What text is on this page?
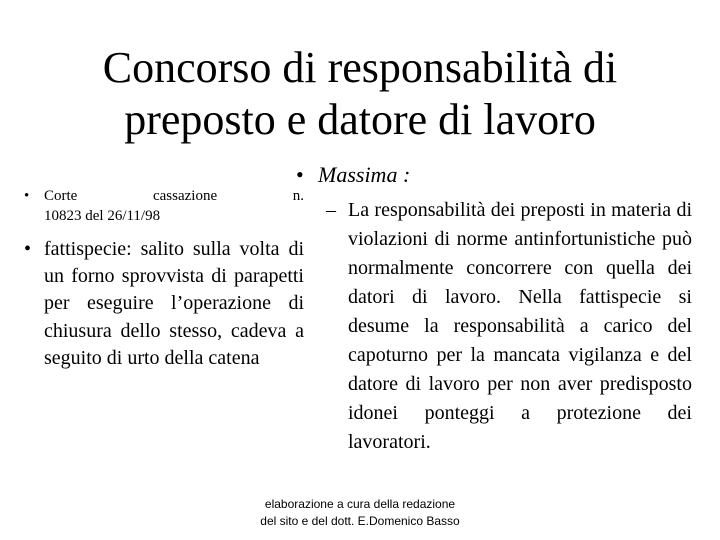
Concorso di responsabilità di
preposto e datore di lavoro
• Corte cassazione n.
10823 del 26/11/98
• fattispecie: salito sulla volta di un forno sprovvista di parapetti per eseguire l’operazione di chiusura dello stesso, cadeva a seguito di urto della catena
• Massima :
– La responsabilità dei preposti in materia di violazioni di norme antinfortunistiche può normalmente concorrere con quella dei datori di lavoro. Nella fattispecie si desume la responsabilità a carico del capoturno per la mancata vigilanza e del datore di lavoro per non aver predisposto idonei ponteggi a protezione dei lavoratori.
elaborazione a cura della redazione
del sito e del dott. E.Domenico Basso
